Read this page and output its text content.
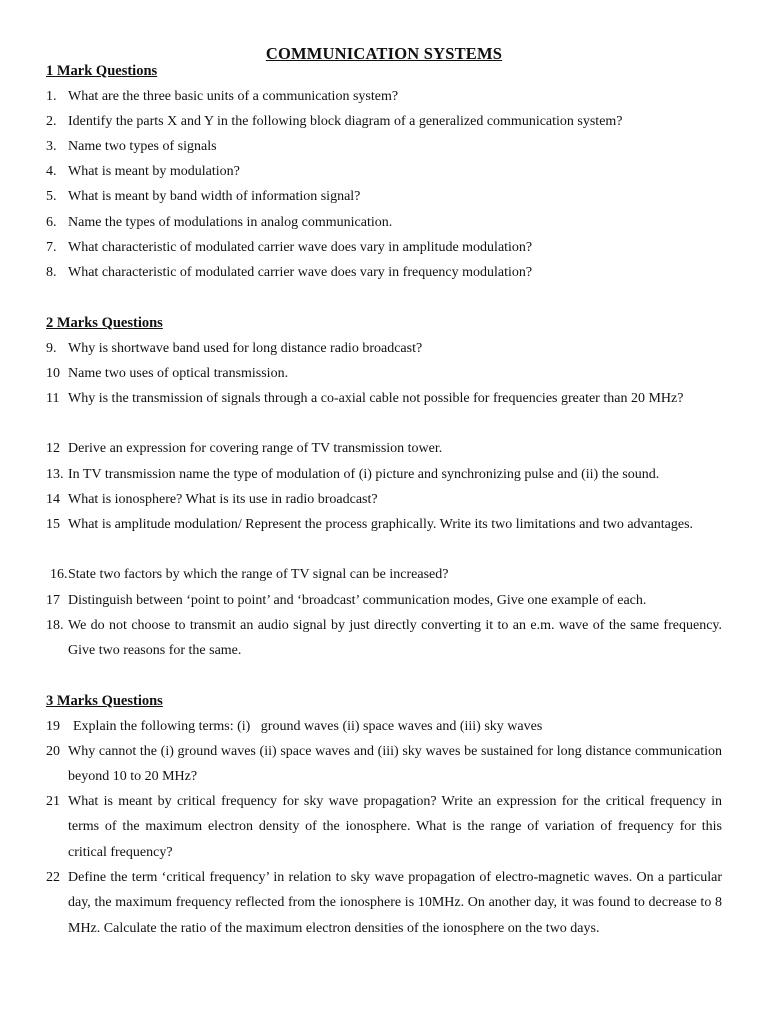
COMMUNICATION SYSTEMS
1 Mark Questions
1. What are the three basic units of a communication system?
2. Identify the parts X and Y in the following block diagram of a generalized communication system?
3. Name two types of signals
4. What is meant by modulation?
5. What is meant by band width of information signal?
6. Name the types of modulations in analog communication.
7. What characteristic of modulated carrier wave does vary in amplitude modulation?
8. What characteristic of modulated carrier wave does vary in frequency modulation?
2 Marks Questions
9. Why is shortwave band used for long distance radio broadcast?
10 Name two uses of optical transmission.
11 Why is the transmission of signals through a co-axial cable not possible for frequencies greater than 20 MHz?
12 Derive an expression for covering range of TV transmission tower.
13. In TV transmission name the type of modulation of (i) picture and synchronizing pulse and (ii) the sound.
14 What is ionosphere? What is its use in radio broadcast?
15 What is amplitude modulation/ Represent the process graphically. Write its two limitations and two advantages.
16. State two factors by which the range of TV signal can be increased?
17 Distinguish between ‘point to point’ and ‘broadcast’ communication modes, Give one example of each.
18. We do not choose to transmit an audio signal by just directly converting it to an e.m. wave of the same frequency. Give two reasons for the same.
3 Marks Questions
19 Explain the following terms: (i)   ground waves (ii) space waves and (iii) sky waves
20 Why cannot the (i) ground waves (ii) space waves and (iii) sky waves be sustained for long distance communication beyond 10 to 20 MHz?
21 What is meant by critical frequency for sky wave propagation? Write an expression for the critical frequency in terms of the maximum electron density of the ionosphere. What is the range of variation of frequency for this critical frequency?
22 Define the term ‘critical frequency’ in relation to sky wave propagation of electro-magnetic waves. On a particular day, the maximum frequency reflected from the ionosphere is 10MHz. On another day, it was found to decrease to 8 MHz. Calculate the ratio of the maximum electron densities of the ionosphere on the two days.
